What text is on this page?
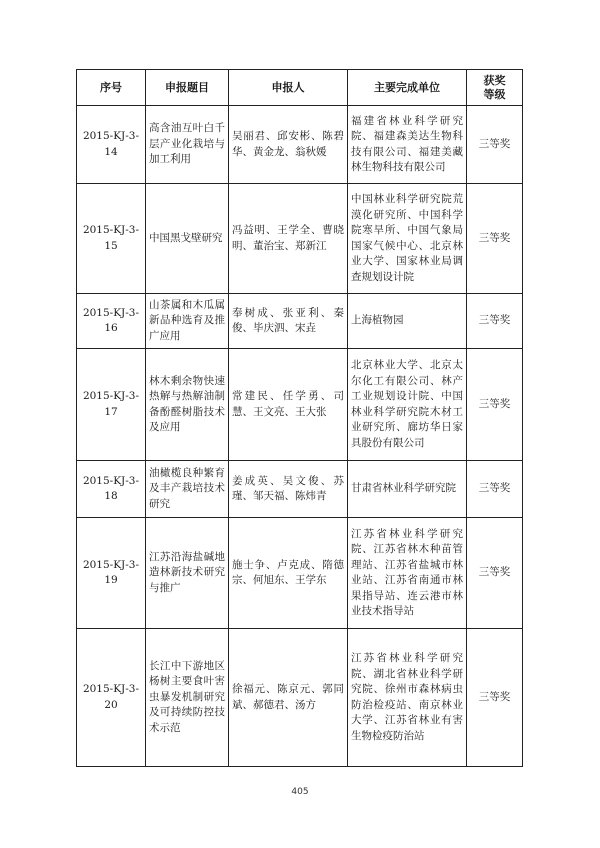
序号	申报题目	申报人	主要完成单位	获奖
等级

2015-KJ-3-14	高含油互叶白千层产业化栽培与加工利用	吴丽君、邱安彬、陈碧华、黄金龙、翁秋媛	福建省林业科学研究院、福建森美达生物科技有限公司、福建美藏林生物科技有限公司	三等奖
2015-KJ-3-15	中国黑戈壁研究	冯益明、王学全、曹晓明、董治宝、郑新江	中国林业科学研究院荒漠化研究所、中国科学院寒旱所、中国气象局国家气候中心、北京林业大学、国家林业局调查规划设计院	三等奖
2015-KJ-3-16	山茶属和木瓜属新品种选育及推广应用	奉树成、张亚利、秦俊、毕庆泗、宋垚	上海植物园	三等奖
2015-KJ-3-17	林木剩余物快速热解与热解油制备酚醛树脂技术及应用	常建民、任学勇、司慧、王文亮、王大张	北京林业大学、北京太尔化工有限公司、林产工业规划设计院、中国林业科学研究院木材工业研究所、廊坊华日家具股份有限公司	三等奖
2015-KJ-3-18	油橄榄良种繁育及丰产栽培技术研究	姜成英、吴文俊、苏瑾、邹天福、陈炜青	甘肃省林业科学研究院	三等奖
2015-KJ-3-19	江苏沿海盐碱地造林新技术研究与推广	施士争、卢克成、隋德宗、何旭东、王学东	江苏省林业科学研究院、江苏省林木种苗管理站、江苏省盐城市林业站、江苏省南通市林果指导站、连云港市林业技术指导站	三等奖
2015-KJ-3-20	长江中下游地区杨树主要食叶害虫暴发机制研究及可持续防控技术示范	徐福元、陈京元、郭同斌、郝德君、汤方	江苏省林业科学研究院、湖北省林业科学研究院、徐州市森林病虫防治检疫站、南京林业大学、江苏省林业有害生物检疫防治站	三等奖
405
